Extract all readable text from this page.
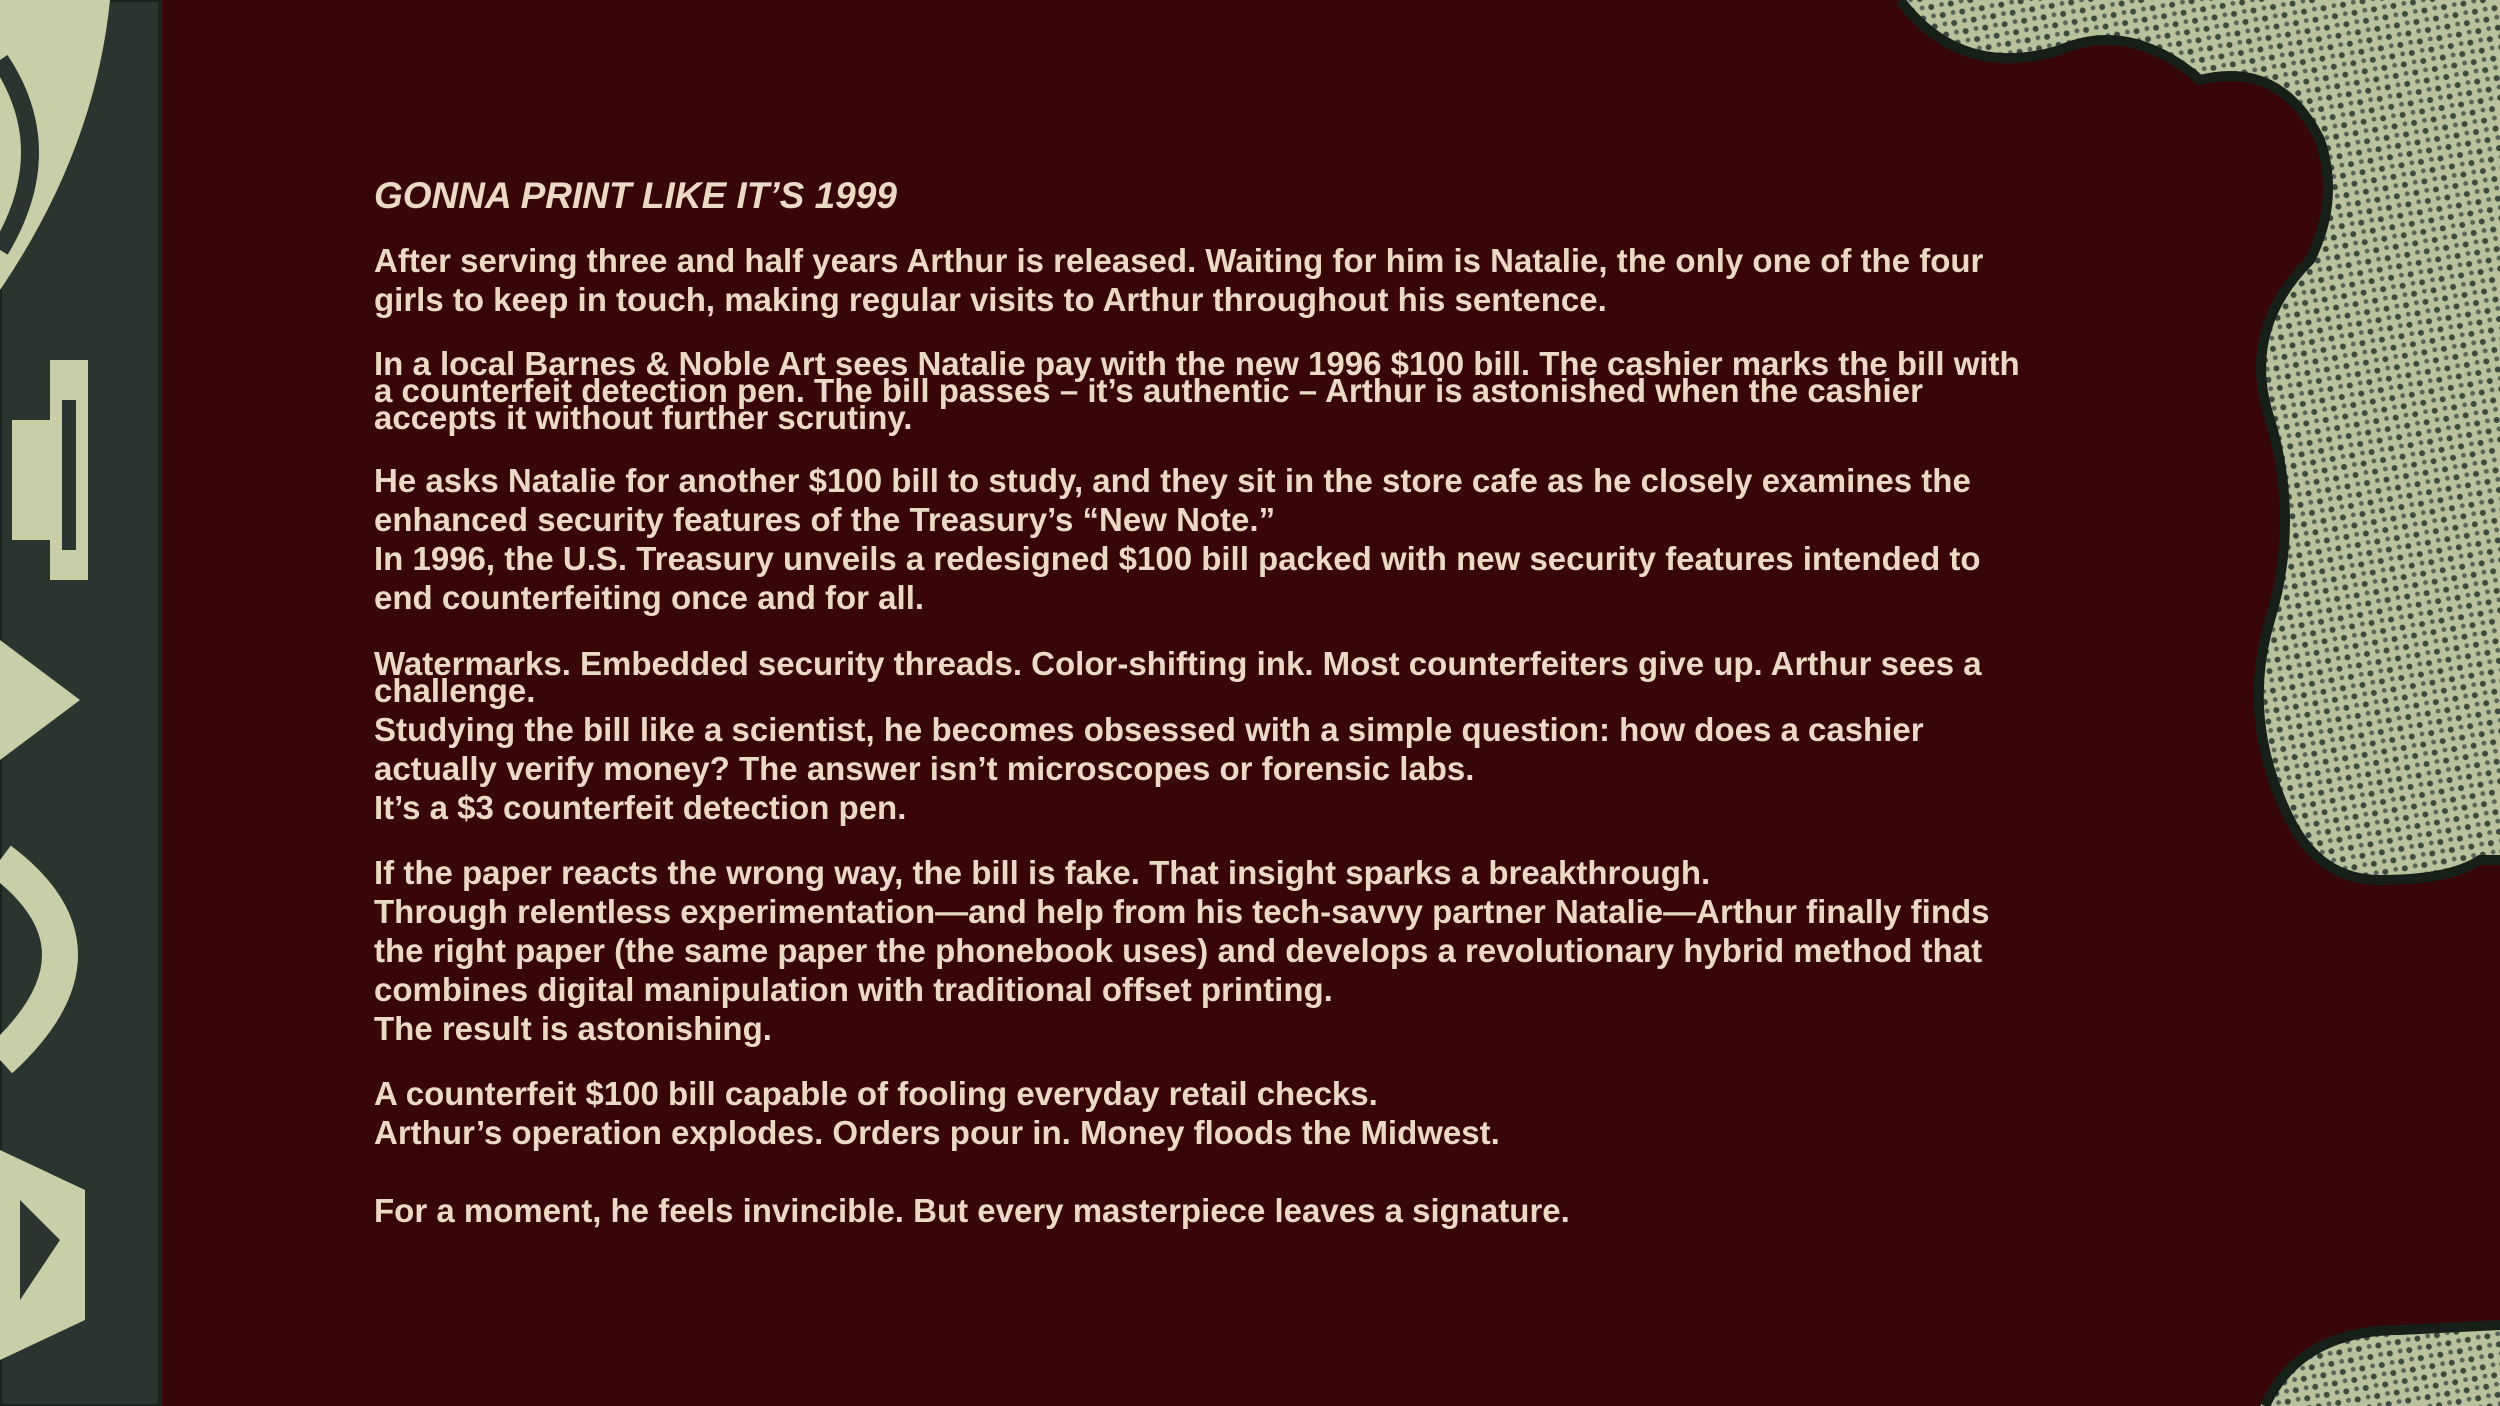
GONNA PRINT LIKE IT’S 1999

After serving three and half years Arthur is released. Waiting for him is Natalie, the only one of the four

girls to keep in touch, making regular visits to Arthur throughout his sentence.

In a local Barnes & Noble Art sees Natalie pay with the new 1996 $100 bill. The cashier marks the bill with

a counterfeit detection pen. The bill passes – it’s authentic – Arthur is astonished when the cashier

accepts it without further scrutiny.

He asks Natalie for another $100 bill to study, and they sit in the store cafe as he closely examines the

enhanced security features of the Treasury’s “New Note.”

In 1996, the U.S. Treasury unveils a redesigned $100 bill packed with new security features intended to

end counterfeiting once and for all.

Watermarks. Embedded security threads. Color-shifting ink. Most counterfeiters give up. Arthur sees a

challenge.

Studying the bill like a scientist, he becomes obsessed with a simple question: how does a cashier

actually verify money? The answer isn’t microscopes or forensic labs.

It’s a $3 counterfeit detection pen.

If the paper reacts the wrong way, the bill is fake. That insight sparks a breakthrough.

Through relentless experimentation—and help from his tech-savvy partner Natalie—Arthur finally finds

the right paper (the same paper the phonebook uses) and develops a revolutionary hybrid method that

combines digital manipulation with traditional offset printing.

The result is astonishing.

A counterfeit $100 bill capable of fooling everyday retail checks.

Arthur’s operation explodes. Orders pour in. Money floods the Midwest.

For a moment, he feels invincible. But every masterpiece leaves a signature.
